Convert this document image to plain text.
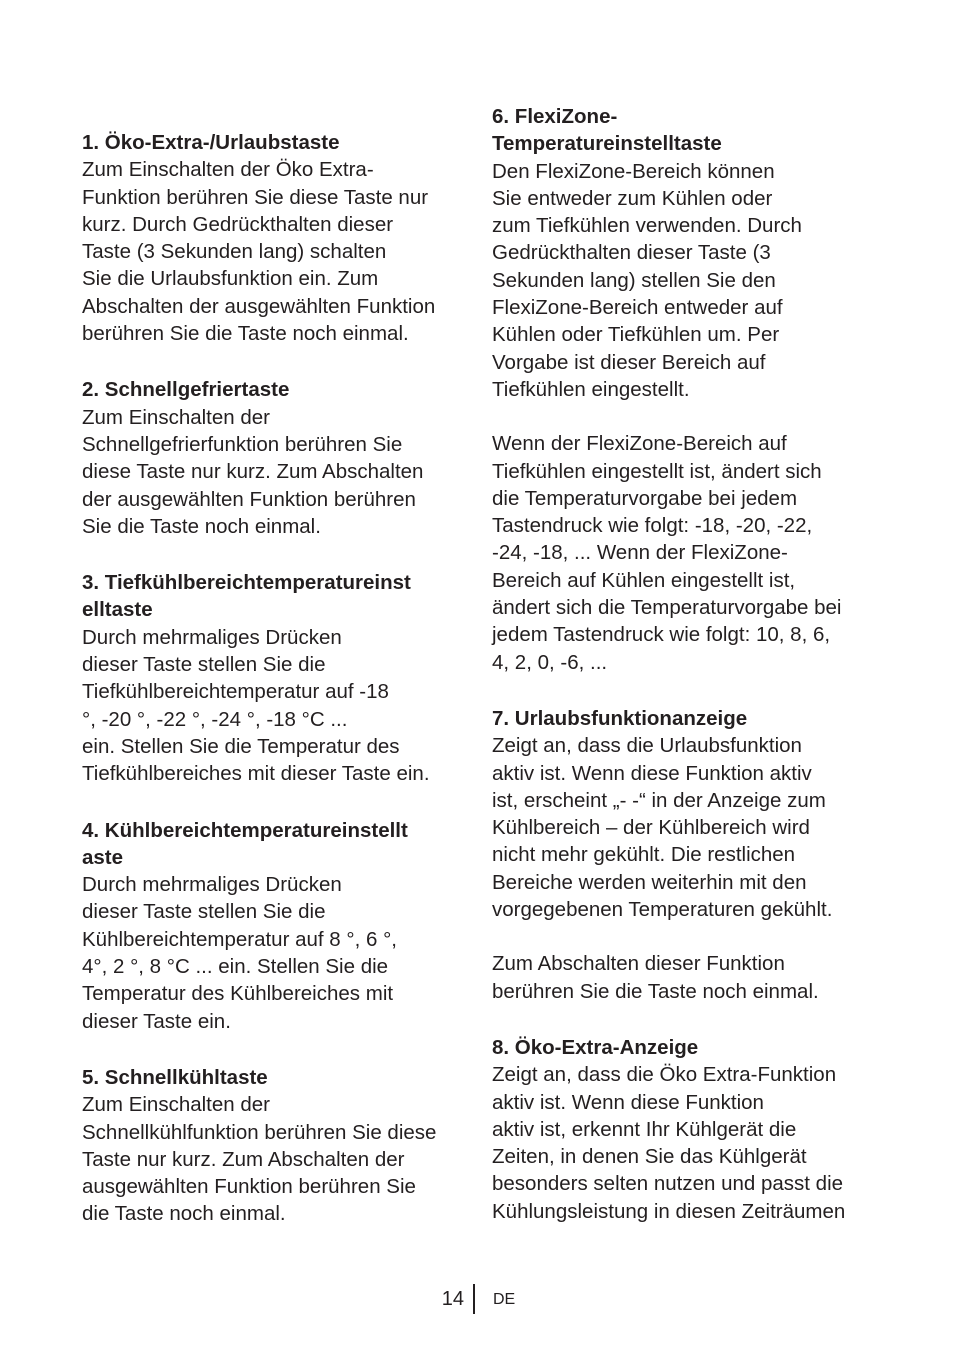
1. Öko-Extra-/Urlaubstaste
Zum Einschalten der Öko Extra-
Funktion berühren Sie diese Taste nur
kurz. Durch Gedrückthalten dieser
Taste (3 Sekunden lang) schalten
Sie die Urlaubsfunktion ein. Zum
Abschalten der ausgewählten Funktion
berühren Sie die Taste noch einmal.
2. Schnellgefriertaste
Zum Einschalten der
Schnellgefrierfunktion berühren Sie
diese Taste nur kurz. Zum Abschalten
der ausgewählten Funktion berühren
Sie die Taste noch einmal.
3. Tiefkühlbereichtemperatureinst
elltaste
Durch mehrmaliges Drücken
dieser Taste stellen Sie die
Tiefkühlbereichtemperatur auf -18
°, -20 °, -22 °, -24 °, -18 °C ...
ein. Stellen Sie die Temperatur des
Tiefkühlbereiches mit dieser Taste ein.
4. Kühlbereichtemperatureinstellt
aste
Durch mehrmaliges Drücken
dieser Taste stellen Sie die
Kühlbereichtemperatur auf 8 °, 6 °,
4°, 2 °, 8 °C ... ein. Stellen Sie die
Temperatur des Kühlbereiches mit
dieser Taste ein.
5. Schnellkühltaste
Zum Einschalten der
Schnellkühlfunktion berühren Sie diese
Taste nur kurz. Zum Abschalten der
ausgewählten Funktion berühren Sie
die Taste noch einmal.
6. FlexiZone-
Temperatureinstelltaste
Den FlexiZone-Bereich können
Sie entweder zum Kühlen oder
zum Tiefkühlen verwenden. Durch
Gedrückthalten dieser Taste (3
Sekunden lang) stellen Sie den
FlexiZone-Bereich entweder auf
Kühlen oder Tiefkühlen um. Per
Vorgabe ist dieser Bereich auf
Tiefkühlen eingestellt.
Wenn der FlexiZone-Bereich auf
Tiefkühlen eingestellt ist, ändert sich
die Temperaturvorgabe bei jedem
Tastendruck wie folgt: -18, -20, -22,
-24, -18, ... Wenn der FlexiZone-
Bereich auf Kühlen eingestellt ist,
ändert sich die Temperaturvorgabe bei
jedem Tastendruck wie folgt: 10, 8, 6,
4, 2, 0, -6, ...
7. Urlaubsfunktionanzeige
Zeigt an, dass die Urlaubsfunktion
aktiv ist. Wenn diese Funktion aktiv
ist, erscheint „- -“ in der Anzeige zum
Kühlbereich – der Kühlbereich wird
nicht mehr gekühlt. Die restlichen
Bereiche werden weiterhin mit den
vorgegebenen Temperaturen gekühlt.
Zum Abschalten dieser Funktion
berühren Sie die Taste noch einmal.
8. Öko-Extra-Anzeige
Zeigt an, dass die Öko Extra-Funktion
aktiv ist. Wenn diese Funktion
aktiv ist, erkennt Ihr Kühlgerät die
Zeiten, in denen Sie das Kühlgerät
besonders selten nutzen und passt die
Kühlungsleistung in diesen Zeiträumen
14 DE
